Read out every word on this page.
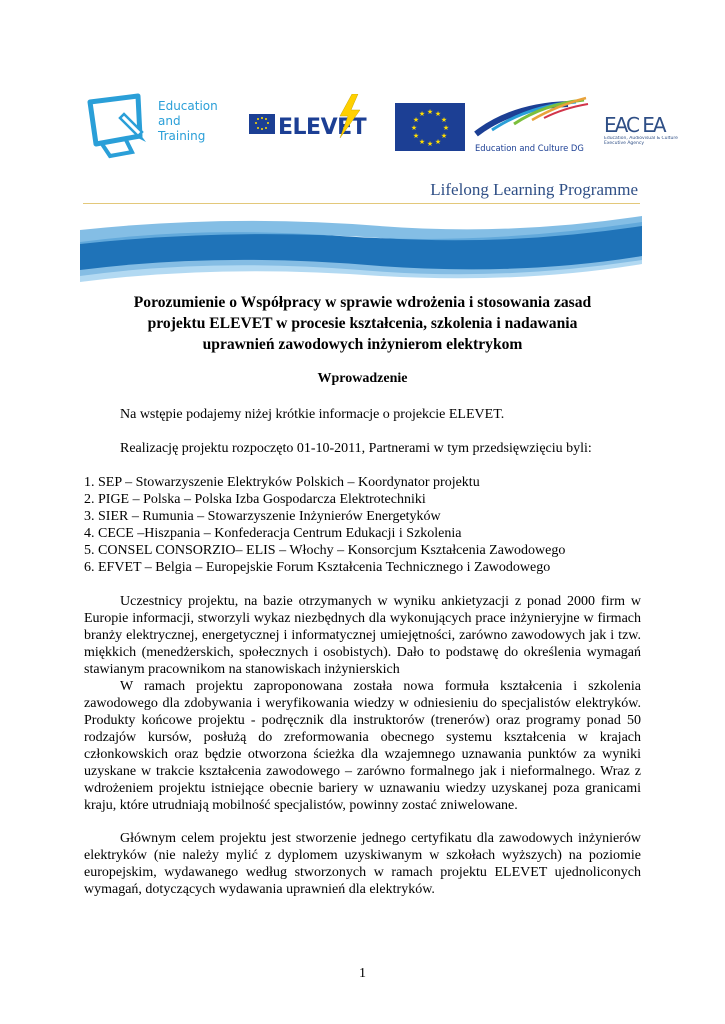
Education
and
Training	ELEVET
★ ★
★
★
★
★
★
★
★
★
★
★
Education and Culture DG
EAC EA
Education, Audiovisual & Culture Executive Agency
Lifelong Learning Programme
Porozumienie o Współpracy w sprawie wdrożenia i stosowania zasad
projektu ELEVET w procesie kształcenia, szkolenia i nadawania
uprawnień zawodowych inżynierom elektrykom
Wprowadzenie
Na wstępie podajemy niżej krótkie informacje o projekcie ELEVET.
Realizację projektu rozpoczęto 01-10-2011, Partnerami w tym przedsięwzięciu byli:
1. SEP – Stowarzyszenie Elektryków Polskich – Koordynator projektu
2. PIGE – Polska – Polska Izba Gospodarcza Elektrotechniki
3. SIER – Rumunia – Stowarzyszenie Inżynierów Energetyków
4. CECE –Hiszpania – Konfederacja Centrum Edukacji i Szkolenia
5. CONSEL CONSORZIO– ELIS – Włochy – Konsorcjum Kształcenia Zawodowego
6. EFVET – Belgia – Europejskie Forum Kształcenia Technicznego i Zawodowego
Uczestnicy projektu, na bazie otrzymanych w wyniku ankietyzacji z ponad 2000 firm w Europie informacji, stworzyli wykaz niezbędnych dla wykonujących prace inżynieryjne w firmach branży elektrycznej, energetycznej i informatycznej umiejętności, zarówno zawodowych jak i tzw. miękkich (menedżerskich, społecznych i osobistych). Dało to podstawę do określenia wymagań stawianym pracownikom na stanowiskach inżynierskich
W ramach projektu zaproponowana została nowa formuła kształcenia i szkolenia zawodowego dla zdobywania i weryfikowania wiedzy w odniesieniu do specjalistów elektryków. Produkty końcowe projektu - podręcznik dla instruktorów (trenerów) oraz programy ponad 50 rodzajów kursów, posłużą do zreformowania obecnego systemu kształcenia w krajach członkowskich oraz będzie otworzona ścieżka dla wzajemnego uznawania punktów za wyniki uzyskane w trakcie kształcenia zawodowego – zarówno formalnego jak i nieformalnego. Wraz z wdrożeniem projektu istniejące obecnie bariery w uznawaniu wiedzy uzyskanej poza granicami kraju, które utrudniają mobilność specjalistów, powinny zostać zniwelowane.
Głównym celem projektu jest stworzenie jednego certyfikatu dla zawodowych inżynierów elektryków (nie należy mylić z dyplomem uzyskiwanym w szkołach wyższych) na poziomie europejskim, wydawanego według stworzonych w ramach projektu ELEVET ujednoliconych wymagań, dotyczących wydawania uprawnień dla elektryków.
1
